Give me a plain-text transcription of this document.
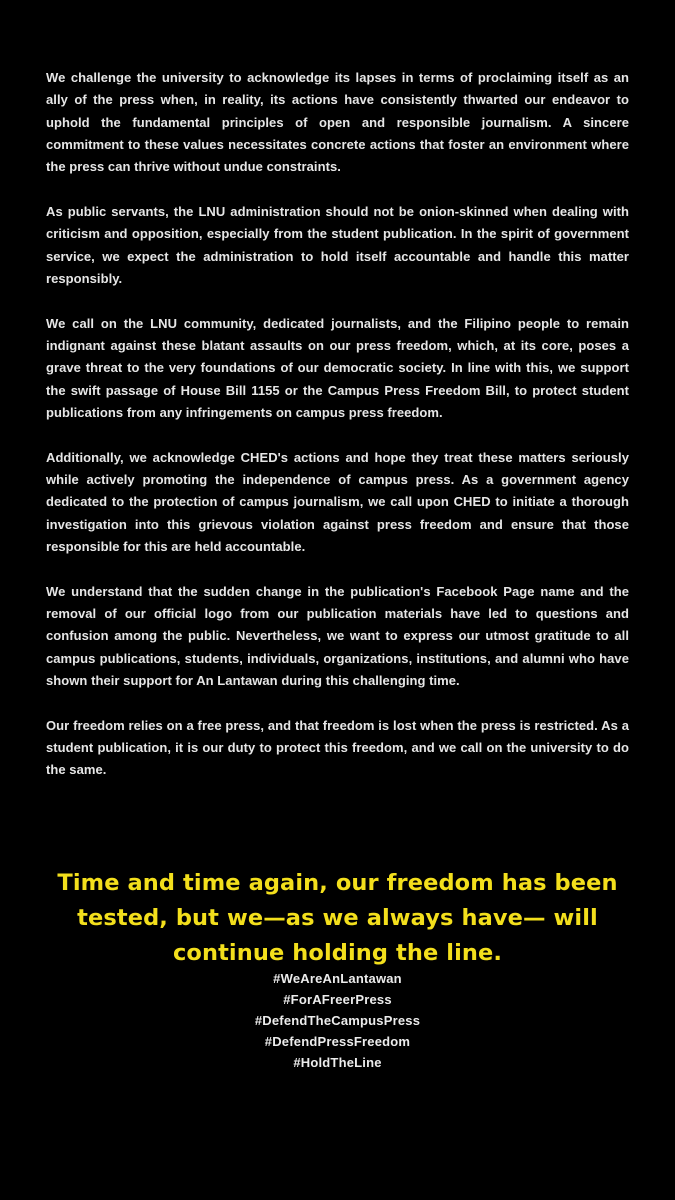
We challenge the university to acknowledge its lapses in terms of proclaiming itself as an ally of the press when, in reality, its actions have consistently thwarted our endeavor to uphold the fundamental principles of open and responsible journalism. A sincere commitment to these values necessitates concrete actions that foster an environment where the press can thrive without undue constraints.

As public servants, the LNU administration should not be onion-skinned when dealing with criticism and opposition, especially from the student publication. In the spirit of government service, we expect the administration to hold itself accountable and handle this matter responsibly.

We call on the LNU community, dedicated journalists, and the Filipino people to remain indignant against these blatant assaults on our press freedom, which, at its core, poses a grave threat to the very foundations of our democratic society. In line with this, we support the swift passage of House Bill 1155 or the Campus Press Freedom Bill, to protect student publications from any infringements on campus press freedom.

Additionally, we acknowledge CHED's actions and hope they treat these matters seriously while actively promoting the independence of campus press. As a government agency dedicated to the protection of campus journalism, we call upon CHED to initiate a thorough investigation into this grievous violation against press freedom and ensure that those responsible for this are held accountable.

We understand that the sudden change in the publication's Facebook Page name and the removal of our official logo from our publication materials have led to questions and confusion among the public. Nevertheless, we want to express our utmost gratitude to all campus publications, students, individuals, organizations, institutions, and alumni who have shown their support for An Lantawan during this challenging time.

Our freedom relies on a free press, and that freedom is lost when the press is restricted. As a student publication, it is our duty to protect this freedom, and we call on the university to do the same.

Time and time again, our freedom has been tested, but we—as we always have— will continue holding the line.
#WeAreAnLantawan
#ForAFreerPress
#DefendTheCampusPress
#DefendPressFreedom
#HoldTheLine
